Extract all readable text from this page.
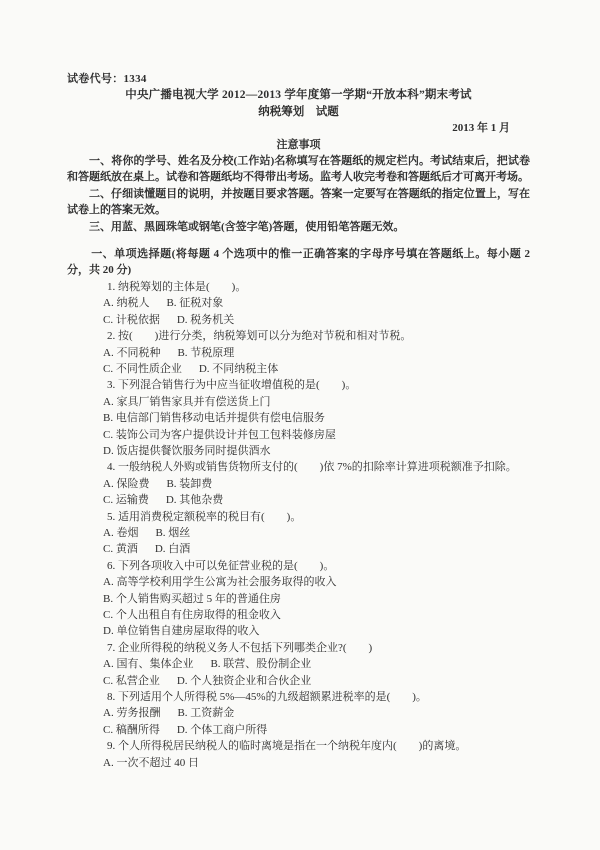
试卷代号：1334
中央广播电视大学 2012—2013 学年度第一学期“开放本科”期末考试
纳税筹划　试题
2013 年 1 月
注意事项
一、将你的学号、姓名及分校(工作站)名称填写在答题纸的规定栏内。考试结束后，把试卷和答题纸放在桌上。试卷和答题纸均不得带出考场。监考人收完考卷和答题纸后才可离开考场。
二、仔细读懂题目的说明，并按题目要求答题。答案一定要写在答题纸的指定位置上，写在试卷上的答案无效。
三、用蓝、黑圆珠笔或钢笔(含签字笔)答题，使用铅笔答题无效。
一、单项选择题(将每题 4 个选项中的惟一正确答案的字母序号填在答题纸上。每小题 2 分，共 20 分)
1. 纳税筹划的主体是(　　)。
A. 纳税人 B. 征税对象
C. 计税依据 D. 税务机关
2. 按(　　)进行分类，纳税筹划可以分为绝对节税和相对节税。
A. 不同税种 B. 节税原理
C. 不同性质企业 D. 不同纳税主体
3. 下列混合销售行为中应当征收增值税的是(　　)。
A. 家具厂销售家具并有偿送货上门
B. 电信部门销售移动电话并提供有偿电信服务
C. 装饰公司为客户提供设计并包工包料装修房屋
D. 饭店提供餐饮服务同时提供酒水
4. 一般纳税人外购或销售货物所支付的(　　)依 7%的扣除率计算进项税额准予扣除。
A. 保险费 B. 装卸费
C. 运输费 D. 其他杂费
5. 适用消费税定额税率的税目有(　　)。
A. 卷烟 B. 烟丝
C. 黄酒 D. 白酒
6. 下列各项收入中可以免征营业税的是(　　)。
A. 高等学校利用学生公寓为社会服务取得的收入
B. 个人销售购买超过 5 年的普通住房
C. 个人出租自有住房取得的租金收入
D. 单位销售自建房屋取得的收入
7. 企业所得税的纳税义务人不包括下列哪类企业?(　　)
A. 国有、集体企业 B. 联营、股份制企业
C. 私营企业 D. 个人独资企业和合伙企业
8. 下列适用个人所得税 5%—45%的九级超额累进税率的是(　　)。
A. 劳务报酬 B. 工资薪金
C. 稿酬所得 D. 个体工商户所得
9. 个人所得税居民纳税人的临时离境是指在一个纳税年度内(　　)的离境。
A. 一次不超过 40 日
